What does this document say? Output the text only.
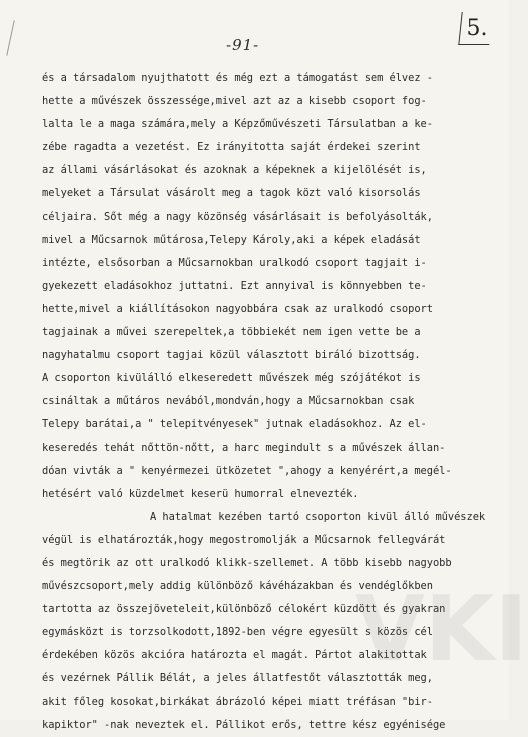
-91-
5.
és a társadalom nyujthatott és még ezt a támogatást sem élvez -
hette a művészek összessége,mivel azt az a kisebb csoport fog-
lalta le a maga számára,mely a Képzőművészeti Társulatban a ke-
zébe ragadta a vezetést. Ez irányitotta saját érdekei szerint
az állami vásárlásokat és azoknak a képeknek a kijelölését is,
melyeket a Társulat vásárolt meg a tagok közt való kisorsolás
céljaira. Sőt még a nagy közönség vásárlásait is befolyásolták,
mivel a Műcsarnok műtárosa,Telepy Károly,aki a képek eladását
intézte, elsősorban a Műcsarnokban uralkodó csoport tagjait i-
gyekezett eladásokhoz juttatni. Ezt annyival is könnyebben te-
hette,mivel a kiállításokon nagyobbára csak az uralkodó csoport
tagjainak a művei szerepeltek,a többiekét nem igen vette be a
nagyhatalmu csoport tagjai közül választott biráló bizottság.
A csoporton kivülálló elkeseredett művészek még szójátékot is
csináltak a műtáros nevából,mondván,hogy a Műcsarnokban csak
Telepy barátai,a " telepitvényesek" jutnak eladásokhoz. Az el-
keseredés tehát nőttön-nőtt, a harc megindult s a művészek állan-
dóan vivták a " kenyérmezei ütközetet ",ahogy a kenyérért,a megél-
hetésért való küzdelmet keserü humorral elnevezték.
A hatalmat kezében tartó csoporton kivül álló művészek
végül is elhatározták,hogy megostromolják a Műcsarnok fellegvárát
és megtörik az ott uralkodó klikk-szellemet. A több kisebb nagyobb
művészcsoport,mely addig különböző kávéházakban és vendéglőkben
tartotta az összejöveteleit,különböző célokért küzdött és gyakran
egymásközt is torzsolkodott,1892-ben végre egyesült s közös cél
érdekében közös akcióra határozta el magát. Pártot alakitottak
és vezérnek Pállik Bélát, a jeles állatfestőt választották meg,
akit főleg kosokat,birkákat ábrázoló képei miatt tréfásan "bir-
kapiktor" -nak neveztek el. Pállikot erős, tettre kész egyénisége
VKI
